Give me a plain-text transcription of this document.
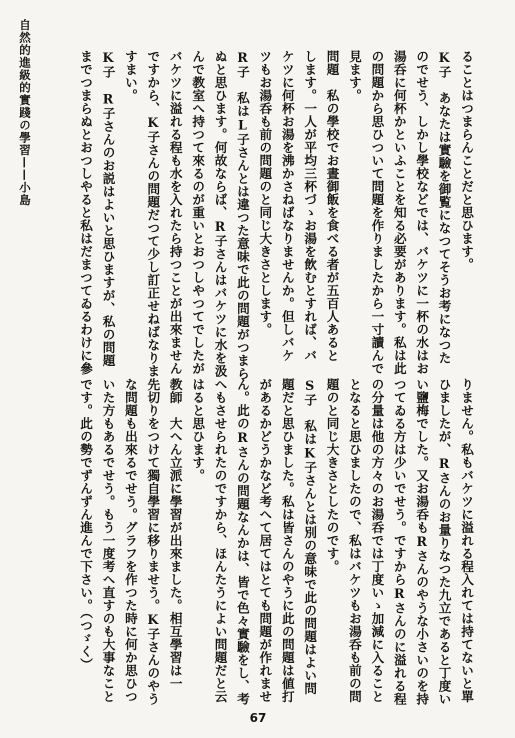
自然的進級的實踐の學習——小島	ることはつまらんことだと思ひます。
K子　あなたは實驗を御覧になつてそうお考になつた
のでせう、しかし學校などでは、バケツに一杯の水はお
湯呑に何杯かといふことを知る必要があります。私は此
の問題から思ひついて問題を作りましたから一寸讀んで
見ます。
問題　私の學校でお晝御飯を食べる者が五百人あると
します。一人が平均三杯づゝお湯を飲むとすれば、バ
ケツに何杯お湯を沸かさねばなりませんか。但しバケ
ツもお湯呑も前の問題のと同じ大きさとします。
R子　私はL子さんとは違つた意味で此の問題がつまら
ぬと思ひます。何故ならば、R子さんはバケツに水を汲
んで教室へ持つて來るのが重いとおつしやつてでしたが
バケツに溢れる程も水を入れたら持つことが出來ません
ですから、K子さんの問題だつて少し訂正せねばなりま
すまい。
K子　R子さんのお説はよいと思ひますが、私の問題
までつまらぬとおつしやると私はだまつてゐるわけに參
りません。私もバケツに溢れる程入れては持てないと單
ひましたが、Rさんのお量りなつた九立であると丁度い
い鹽梅でした。又お湯呑もRさんのやうな小さいのを持
つてゐる方は少いでせう。ですからRさんのに溢れる程
の分量は他の方々のお湯呑では丁度いゝ加減に入ること
となると思ひましたので、私はバケツもお湯呑も前の問
題のと同じ大きさとしたのです。
S子　私はK子さんとは別の意味で此の問題はよい問
題だと思ひました。私は皆さんのやうに此の問題は値打
があるかどうかなど考へて居てはとても問題が作れませ
ん。此のRさんの問題なんかは、皆で色々實驗をし、考
へもさせられたのですから、ほんたうによい問題だと云
はると思ひます。
教師　大へん立派に學習が出來ました。相互學習は一
先切りをつけて獨自學習に移りませう。K子さんのやう
な問題も出來るでせう。グラフを作つた時に何か思ひつ
いた方もあるでせう。もう一度考へ直すのも大事なこと
です。此の勢でずんずん進んで下さい。（つゞく）
67
